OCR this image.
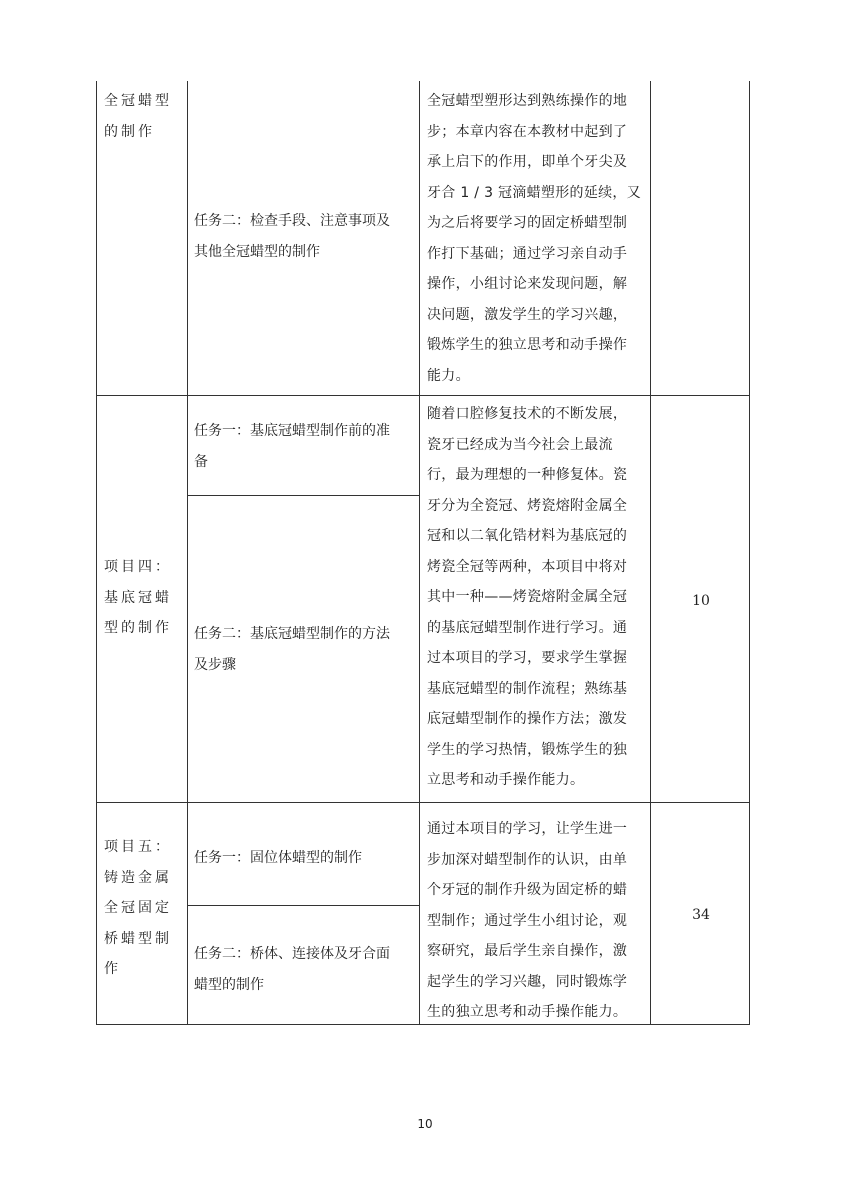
全冠蜡型
的制作
任务二：检查手段、注意事项及
其他全冠蜡型的制作
全冠蜡型塑形达到熟练操作的地
步；本章内容在本教材中起到了
承上启下的作用，即单个牙尖及
牙合 1 / 3 冠滴蜡塑形的延续，又
为之后将要学习的固定桥蜡型制
作打下基础；通过学习亲自动手
操作，小组讨论来发现问题，解
决问题，激发学生的学习兴趣，
锻炼学生的独立思考和动手操作
能力。
项目四：
基底冠蜡
型的制作
任务一：基底冠蜡型制作前的准
备
任务二：基底冠蜡型制作的方法
及步骤
随着口腔修复技术的不断发展，
瓷牙已经成为当今社会上最流
行，最为理想的一种修复体。瓷
牙分为全瓷冠、烤瓷熔附金属全
冠和以二氧化锆材料为基底冠的
烤瓷全冠等两种，本项目中将对
其中一种——烤瓷熔附金属全冠
的基底冠蜡型制作进行学习。通
过本项目的学习，要求学生掌握
基底冠蜡型的制作流程；熟练基
底冠蜡型制作的操作方法；激发
学生的学习热情，锻炼学生的独
立思考和动手操作能力。
10
项目五：
铸造金属
全冠固定
桥蜡型制
作
任务一：固位体蜡型的制作
任务二：桥体、连接体及牙合面
蜡型的制作
通过本项目的学习，让学生进一
步加深对蜡型制作的认识，由单
个牙冠的制作升级为固定桥的蜡
型制作；通过学生小组讨论，观
察研究，最后学生亲自操作，激
起学生的学习兴趣，同时锻炼学
生的独立思考和动手操作能力。
34
10
